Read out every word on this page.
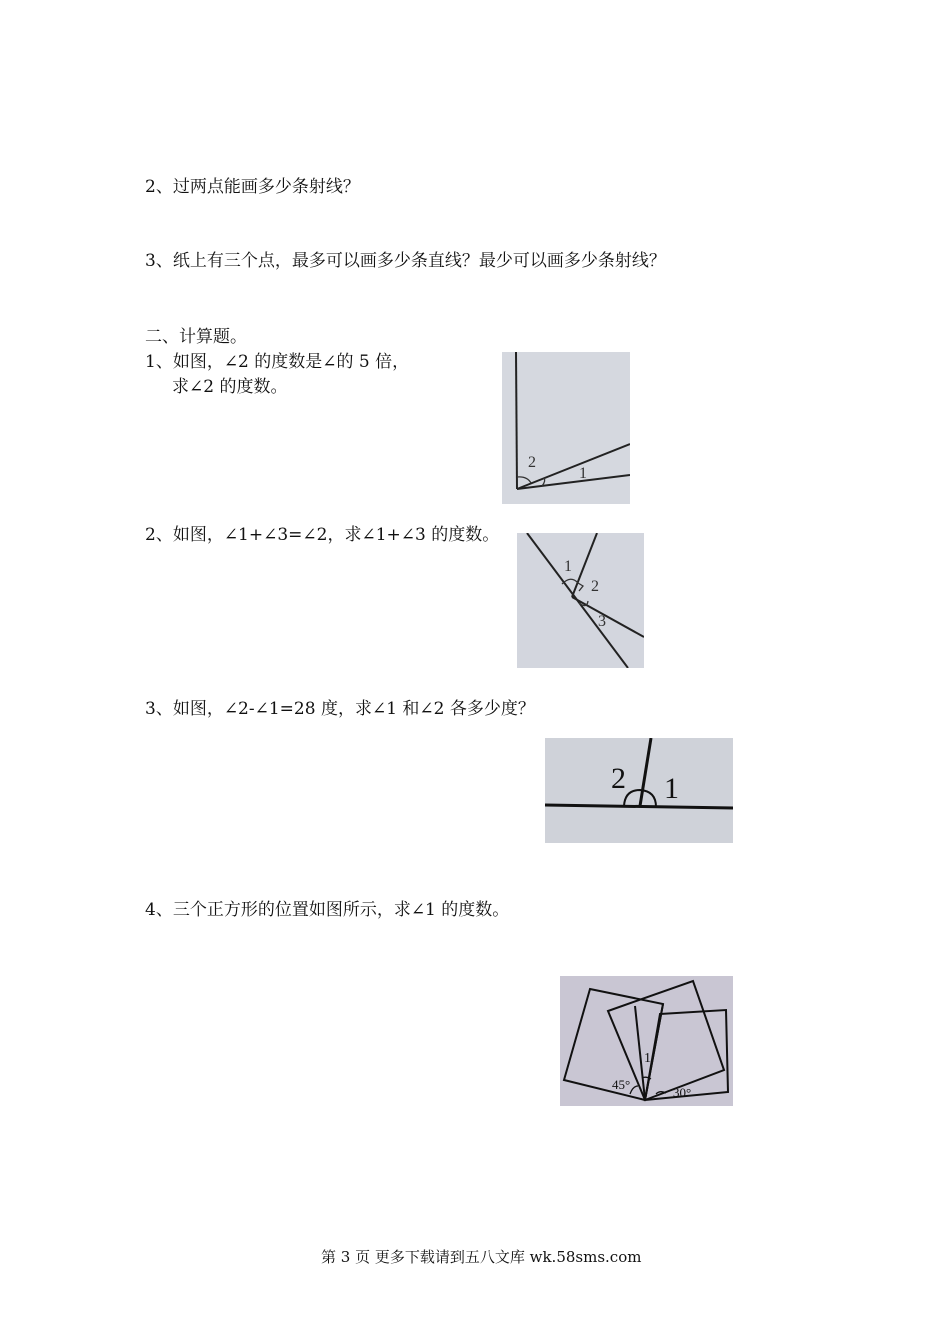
2、过两点能画多少条射线？
3、纸上有三个点，最多可以画多少条直线？最少可以画多少条射线？
二、计算题。
1、如图，∠2 的度数是∠的 5 倍，
求∠2 的度数。
2
1
2、如图，∠1+∠3=∠2，求∠1+∠3 的度数。
1
2
3
3、如图，∠2-∠1=28 度，求∠1 和∠2 各多少度？
2 1
4、三个正方形的位置如图所示，求∠1 的度数。
1
45°
30°
第 3 页 更多下载请到五八文库 wk.58sms.com
